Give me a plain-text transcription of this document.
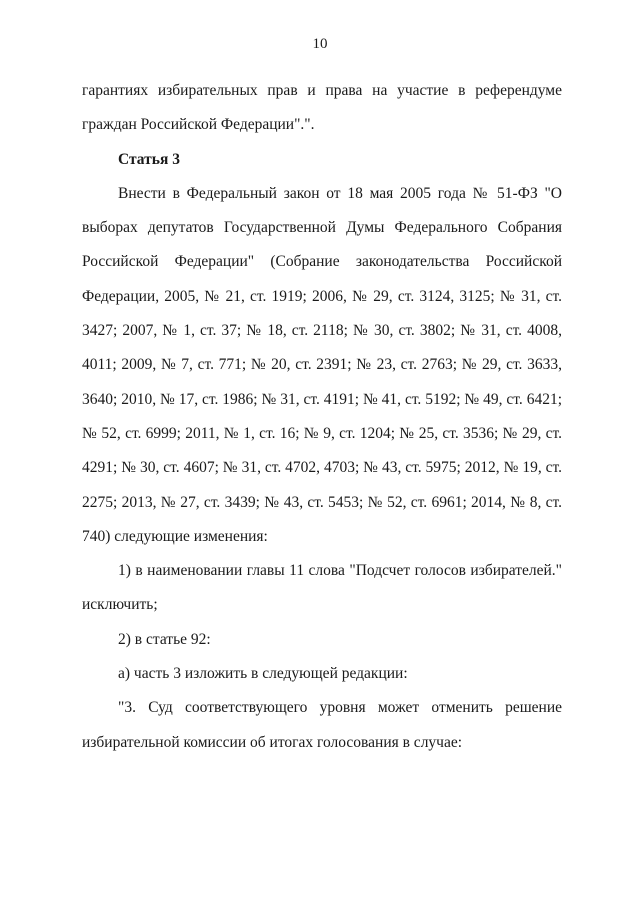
10

гарантиях избирательных прав и права на участие в референдуме граждан Российской Федерации".".

Статья 3

Внести в Федеральный закон от 18 мая 2005 года № 51-ФЗ "О выборах депутатов Государственной Думы Федерального Собрания Российской Федерации" (Собрание законодательства Российской Федерации, 2005, № 21, ст. 1919; 2006, № 29, ст. 3124, 3125; № 31, ст. 3427; 2007, № 1, ст. 37; № 18, ст. 2118; № 30, ст. 3802; № 31, ст. 4008, 4011; 2009, № 7, ст. 771; № 20, ст. 2391; № 23, ст. 2763; № 29, ст. 3633, 3640; 2010, № 17, ст. 1986; № 31, ст. 4191; № 41, ст. 5192; № 49, ст. 6421; № 52, ст. 6999; 2011, № 1, ст. 16; № 9, ст. 1204; № 25, ст. 3536; № 29, ст. 4291; № 30, ст. 4607; № 31, ст. 4702, 4703; № 43, ст. 5975; 2012, № 19, ст. 2275; 2013, № 27, ст. 3439; № 43, ст. 5453; № 52, ст. 6961; 2014, № 8, ст. 740) следующие изменения:

1) в наименовании главы 11 слова "Подсчет голосов избирателей." исключить;

2) в статье 92:

а) часть 3 изложить в следующей редакции:

"3. Суд соответствующего уровня может отменить решение избирательной комиссии об итогах голосования в случае:
